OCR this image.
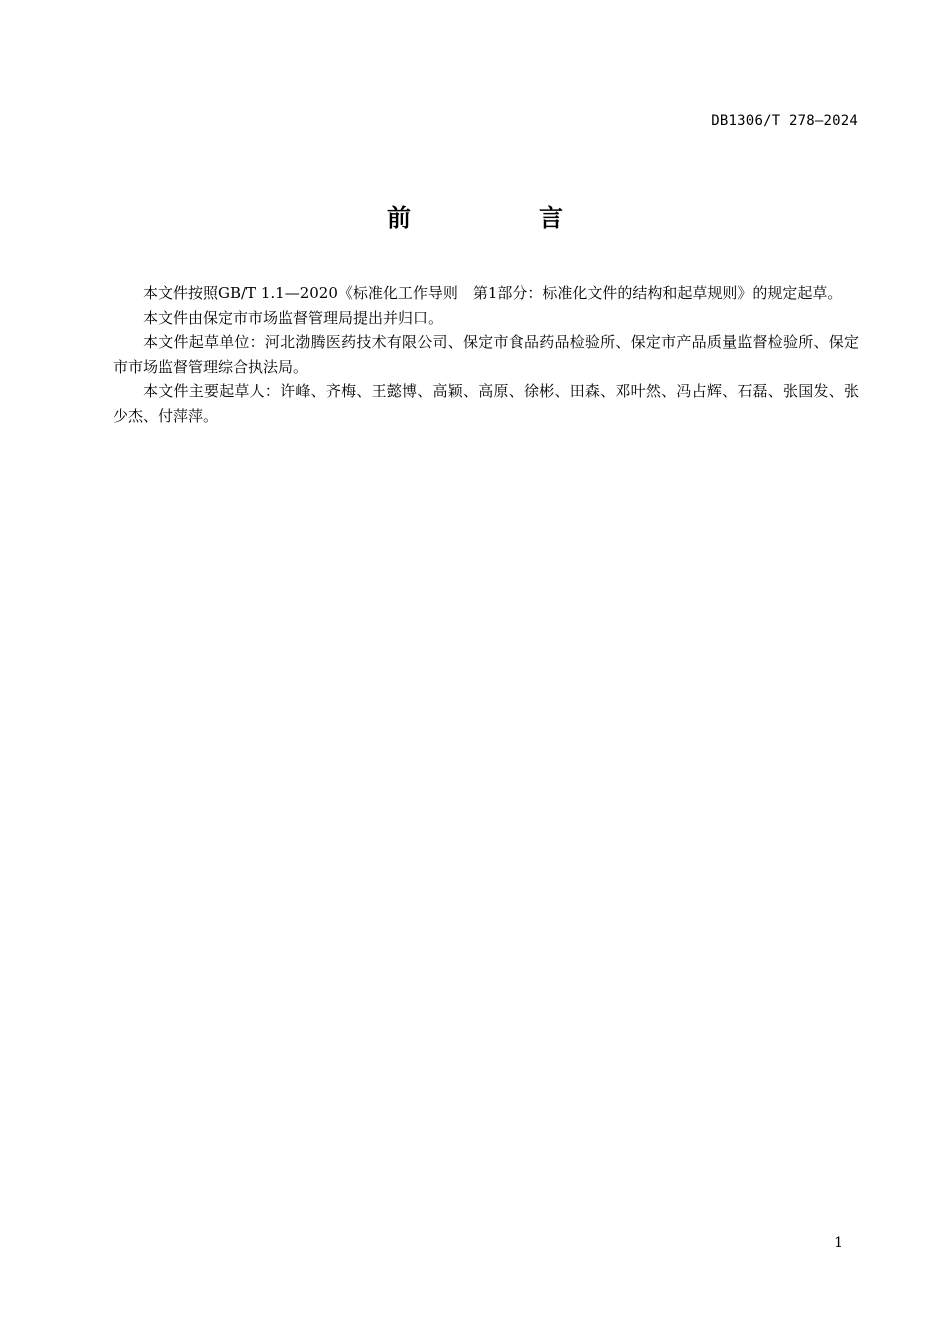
DB1306/T 278—2024
前　言

本文件按照GB/T 1.1—2020《标准化工作导则　第1部分：标准化文件的结构和起草规则》的规定起草。

本文件由保定市市场监督管理局提出并归口。

本文件起草单位：河北渤腾医药技术有限公司、保定市食品药品检验所、保定市产品质量监督检验所、保定市市场监督管理综合执法局。

本文件主要起草人：许峰、齐梅、王懿博、高颖、高原、徐彬、田森、邓叶然、冯占辉、石磊、张国发、张少杰、付萍萍。

1
